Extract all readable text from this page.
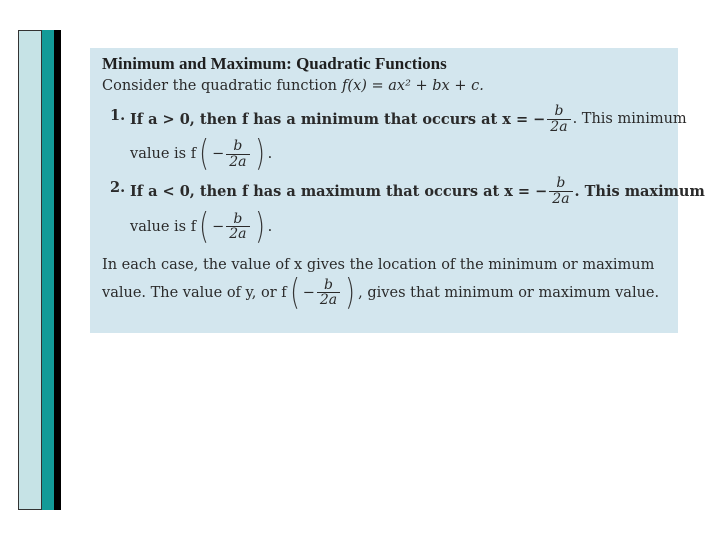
Minimum and Maximum: Quadratic Functions
Consider the quadratic function f(x) = ax² + bx + c.
1. If a > 0, then f has a minimum that occurs at x = − $\frac{b}{2a}$ . This minimum
value is f ( − $\frac{b}{2a}$ ) .
2. If a < 0, then f has a maximum that occurs at x = − $\frac{b}{2a}$ . This maximum
value is f ( − $\frac{b}{2a}$ ) .
In each case, the value of x gives the location of the minimum or maximum
value. The value of y, or f ( − $\frac{b}{2a}$ ) , gives that minimum or maximum value.
